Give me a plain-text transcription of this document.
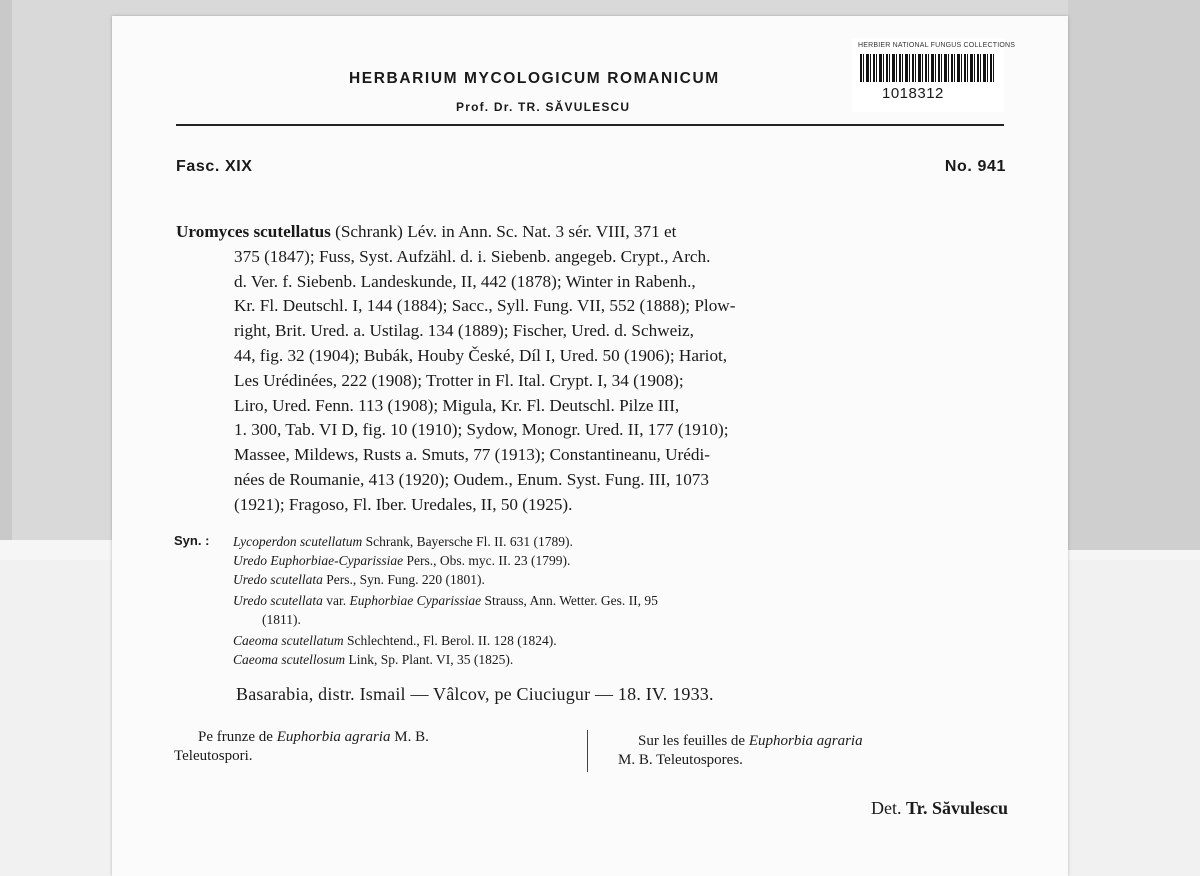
HERBARIUM MYCOLOGICUM ROMANICUM
Prof. Dr. TR. SĂVULESCU
HERBIER NATIONAL FUNGUS COLLECTIONS
1018312
Fasc. XIX	No. 941
Uromyces scutellatus (Schrank) Lév. in Ann. Sc. Nat. 3 sér. VIII, 371 et
375 (1847); Fuss, Syst. Aufzähl. d. i. Siebenb. angegeb. Crypt., Arch.
d. Ver. f. Siebenb. Landeskunde, II, 442 (1878); Winter in Rabenh.,
Kr. Fl. Deutschl. I, 144 (1884); Sacc., Syll. Fung. VII, 552 (1888); Plow-
right, Brit. Ured. a. Ustilag. 134 (1889); Fischer, Ured. d. Schweiz,
44, fig. 32 (1904); Bubák, Houby České, Díl I, Ured. 50 (1906); Hariot,
Les Urédinées, 222 (1908); Trotter in Fl. Ital. Crypt. I, 34 (1908);
Liro, Ured. Fenn. 113 (1908); Migula, Kr. Fl. Deutschl. Pilze III,
1. 300, Tab. VI D, fig. 10 (1910); Sydow, Monogr. Ured. II, 177 (1910);
Massee, Mildews, Rusts a. Smuts, 77 (1913); Constantineanu, Urédi-
nées de Roumanie, 413 (1920); Oudem., Enum. Syst. Fung. III, 1073
(1921); Fragoso, Fl. Iber. Uredales, II, 50 (1925).
Syn. : Lycoperdon scutellatum Schrank, Bayersche Fl. II. 631 (1789).
Uredo Euphorbiae-Cyparissiae Pers., Obs. myc. II. 23 (1799).
Uredo scutellata Pers., Syn. Fung. 220 (1801).
Uredo scutellata var. Euphorbiae Cyparissiae Strauss, Ann. Wetter. Ges. II, 95
(1811).
Caeoma scutellatum Schlechtend., Fl. Berol. II. 128 (1824).
Caeoma scutellosum Link, Sp. Plant. VI, 35 (1825).
Basarabia, distr. Ismail — Vâlcov, pe Ciuciugur — 18. IV. 1933.
Pe frunze de Euphorbia agraria M. B.
Teleutospori.
Sur les feuilles de Euphorbia agraria
M. B. Teleutospores.
Det. Tr. Săvulescu
